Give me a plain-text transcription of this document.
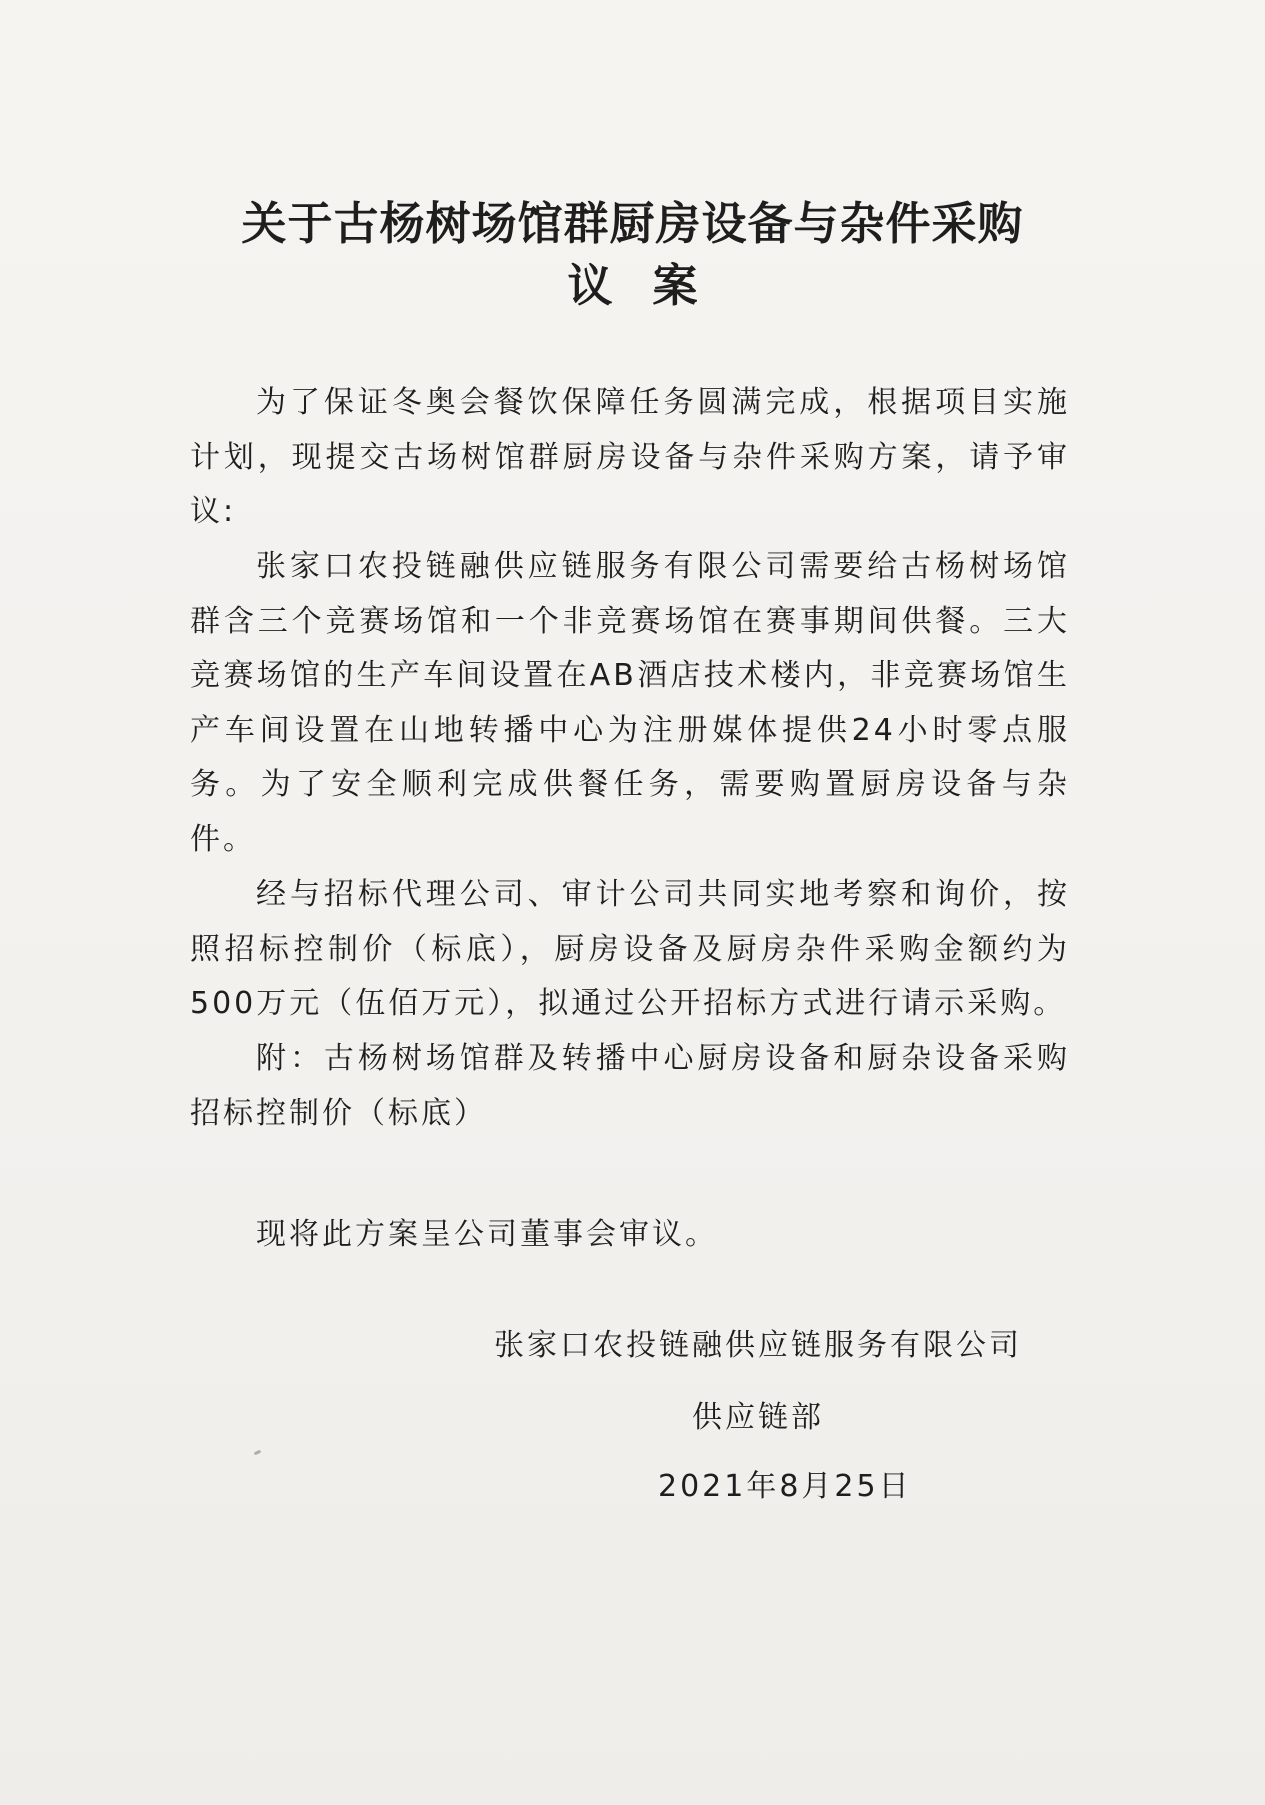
关于古杨树场馆群厨房设备与杂件采购
议案

为了保证冬奥会餐饮保障任务圆满完成，根据项目实施计划，现提交古场树馆群厨房设备与杂件采购方案，请予审议:

张家口农投链融供应链服务有限公司需要给古杨树场馆群含三个竞赛场馆和一个非竞赛场馆在赛事期间供餐。三大竞赛场馆的生产车间设置在AB酒店技术楼内，非竞赛场馆生产车间设置在山地转播中心为注册媒体提供24小时零点服务。为了安全顺利完成供餐任务，需要购置厨房设备与杂件。

经与招标代理公司、审计公司共同实地考察和询价，按照招标控制价（标底），厨房设备及厨房杂件采购金额约为500万元（伍佰万元），拟通过公开招标方式进行请示采购。

附：古杨树场馆群及转播中心厨房设备和厨杂设备采购招标控制价（标底）

现将此方案呈公司董事会审议。

张家口农投链融供应链服务有限公司
供应链部
2021年8月25日
